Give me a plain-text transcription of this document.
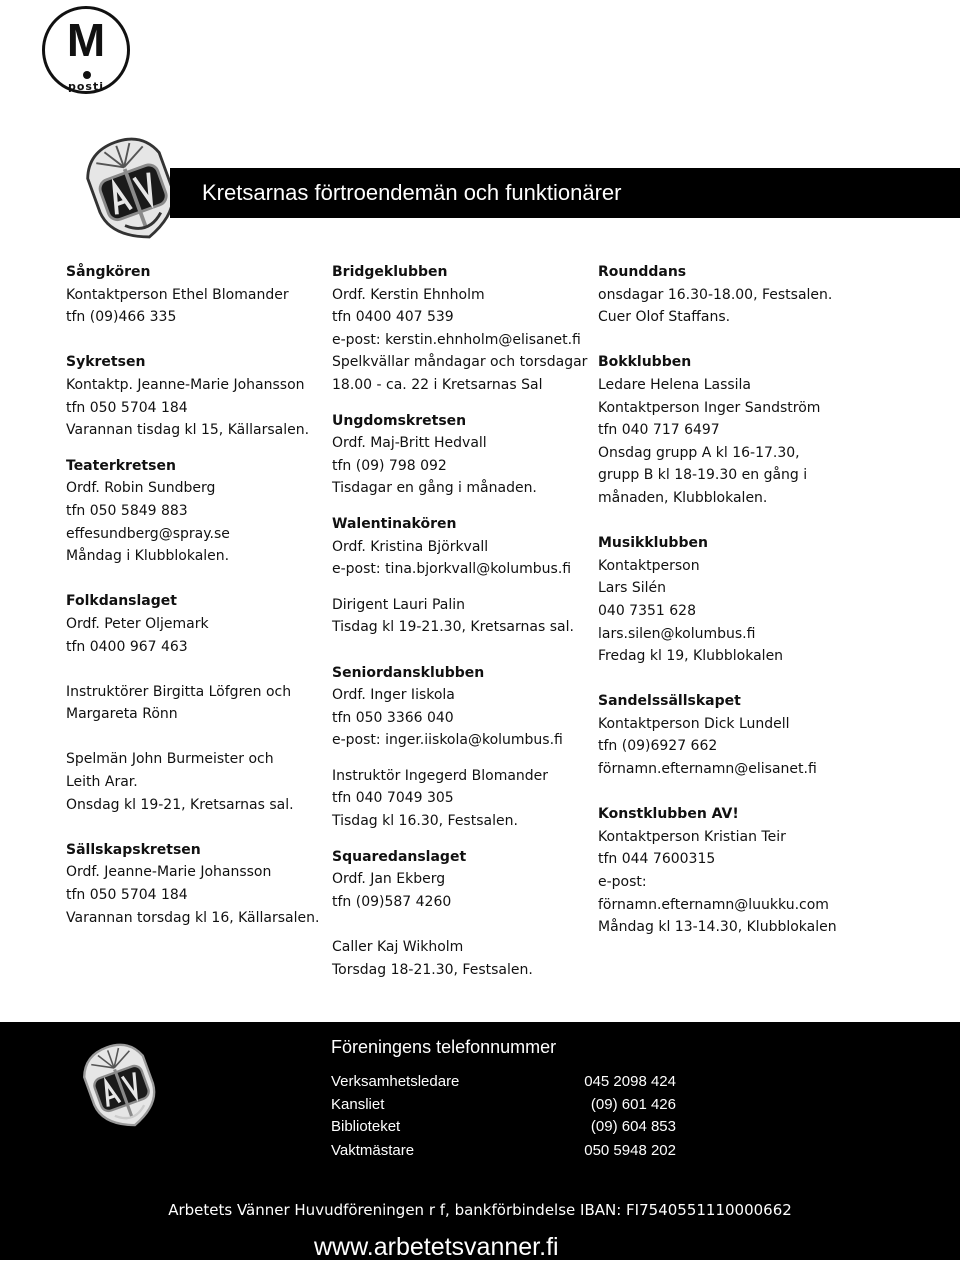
M
posti
Kretsarnas förtroendemän och funktionärer
Sångkören
Kontaktperson Ethel Blomander
tfn (09)466 335
Sykretsen
Kontaktp. Jeanne-Marie Johansson
tfn 050 5704 184
Varannan tisdag kl 15, Källarsalen.
Teaterkretsen
Ordf. Robin Sundberg
tfn 050 5849 883
effesundberg@spray.se
Måndag i Klubblokalen.
Folkdanslaget
Ordf. Peter Oljemark
tfn 0400 967 463
Instruktörer Birgitta Löfgren och
Margareta Rönn
Spelmän John Burmeister och
Leith Arar.
Onsdag kl 19-21, Kretsarnas sal.
Sällskapskretsen
Ordf. Jeanne-Marie Johansson
tfn 050 5704 184
Varannan torsdag kl 16, Källarsalen.
Bridgeklubben
Ordf. Kerstin Ehnholm
tfn 0400 407 539
e-post: kerstin.ehnholm@elisanet.fi
Spelkvällar måndagar och torsdagar
18.00 - ca. 22 i Kretsarnas Sal
Ungdomskretsen
Ordf. Maj-Britt Hedvall
tfn (09) 798 092
Tisdagar en gång i månaden.
Walentinakören
Ordf. Kristina Björkvall
e-post: tina.bjorkvall@kolumbus.fi
Dirigent Lauri Palin
Tisdag kl 19-21.30, Kretsarnas sal.
Seniordansklubben
Ordf. Inger Iiskola
tfn 050 3366 040
e-post: inger.iiskola@kolumbus.fi
Instruktör Ingegerd Blomander
tfn 040 7049 305
Tisdag kl 16.30, Festsalen.
Squaredanslaget
Ordf. Jan Ekberg
tfn (09)587 4260
Caller Kaj Wikholm
Torsdag 18-21.30, Festsalen.
Rounddans
onsdagar 16.30-18.00, Festsalen.
Cuer Olof Staffans.
Bokklubben
Ledare Helena Lassila
Kontaktperson Inger Sandström
tfn 040 717 6497
Onsdag grupp A kl 16-17.30,
grupp B kl 18-19.30 en gång i
månaden, Klubblokalen.
Musikklubben
Kontaktperson
Lars Silén
040 7351 628
lars.silen@kolumbus.fi
Fredag kl 19, Klubblokalen
Sandelssällskapet
Kontaktperson Dick Lundell
tfn (09)6927 662
förnamn.efternamn@elisanet.fi
Konstklubben AV!
Kontaktperson Kristian Teir
tfn 044 7600315
e-post:
förnamn.efternamn@luukku.com
Måndag kl 13-14.30, Klubblokalen
Föreningens telefonnummer
Verksamhetsledare	045 2098 424
Kansliet	(09) 601 426
Biblioteket	(09) 604 853
Vaktmästare	050 5948 202
Arbetets Vänner Huvudföreningen r f, bankförbindelse IBAN: FI7540551110000662
www.arbetetsvanner.fi
